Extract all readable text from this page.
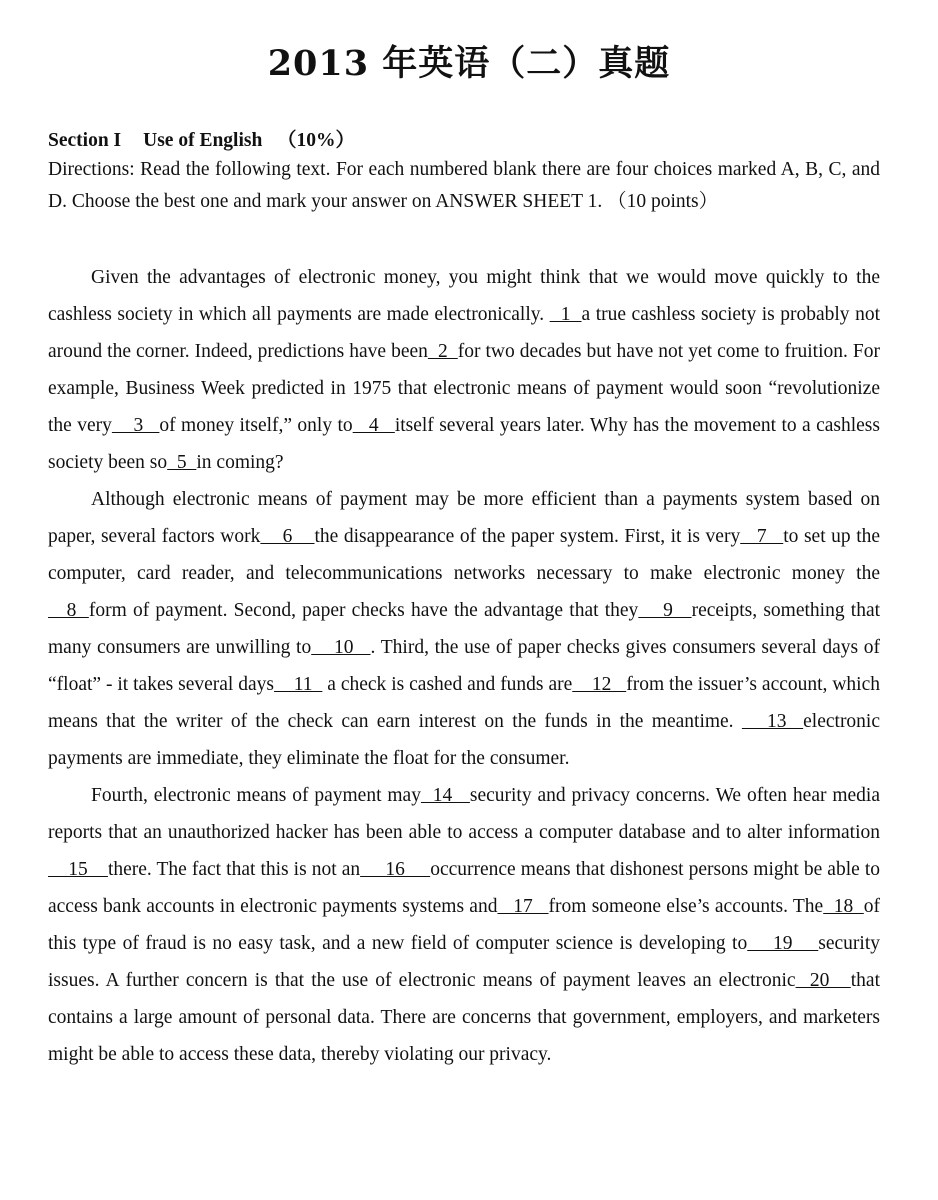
2013 年英语（二）真题
Section I Use of English （10%）
Directions: Read the following text. For each numbered blank there are four choices marked A, B, C, and D. Choose the best one and mark your answer on ANSWER SHEET 1. （10 points）

Given the advantages of electronic money, you might think that we would move quickly to the cashless society in which all payments are made electronically.   1  a true cashless society is probably not around the corner. Indeed, predictions have been  2  for two decades but have not yet come to fruition. For example, Business Week predicted in 1975 that electronic means of payment would soon “revolutionize the very    3   of money itself,” only to   4   itself several years later. Why has the movement to a cashless society been so  5  in coming?

Although electronic means of payment may be more efficient than a payments system based on paper, several factors work    6    the disappearance of the paper system. First, it is very   7   to set up the computer, card reader, and telecommunications networks necessary to make electronic money the   8  form of payment. Second, paper checks have the advantage that they    9   receipts, something that many consumers are unwilling to    10   . Third, the use of paper checks gives consumers several days of “float” - it takes several days    11   a check is cashed and funds are    12   from the issuer’s account, which means that the writer of the check can earn interest on the funds in the meantime.    13  electronic payments are immediate, they eliminate the float for the consumer.

Fourth, electronic means of payment may  14   security and privacy concerns. We often hear media reports that an unauthorized hacker has been able to access a computer database and to alter information    15    there. The fact that this is not an     16     occurrence means that dishonest persons might be able to access bank accounts in electronic payments systems and   17   from someone else’s accounts. The  18  of this type of fraud is no easy task, and a new field of computer science is developing to    19    security issues. A further concern is that the use of electronic means of payment leaves an electronic  20   that contains a large amount of personal data. There are concerns that government, employers, and marketers might be able to access these data, thereby violating our privacy.
